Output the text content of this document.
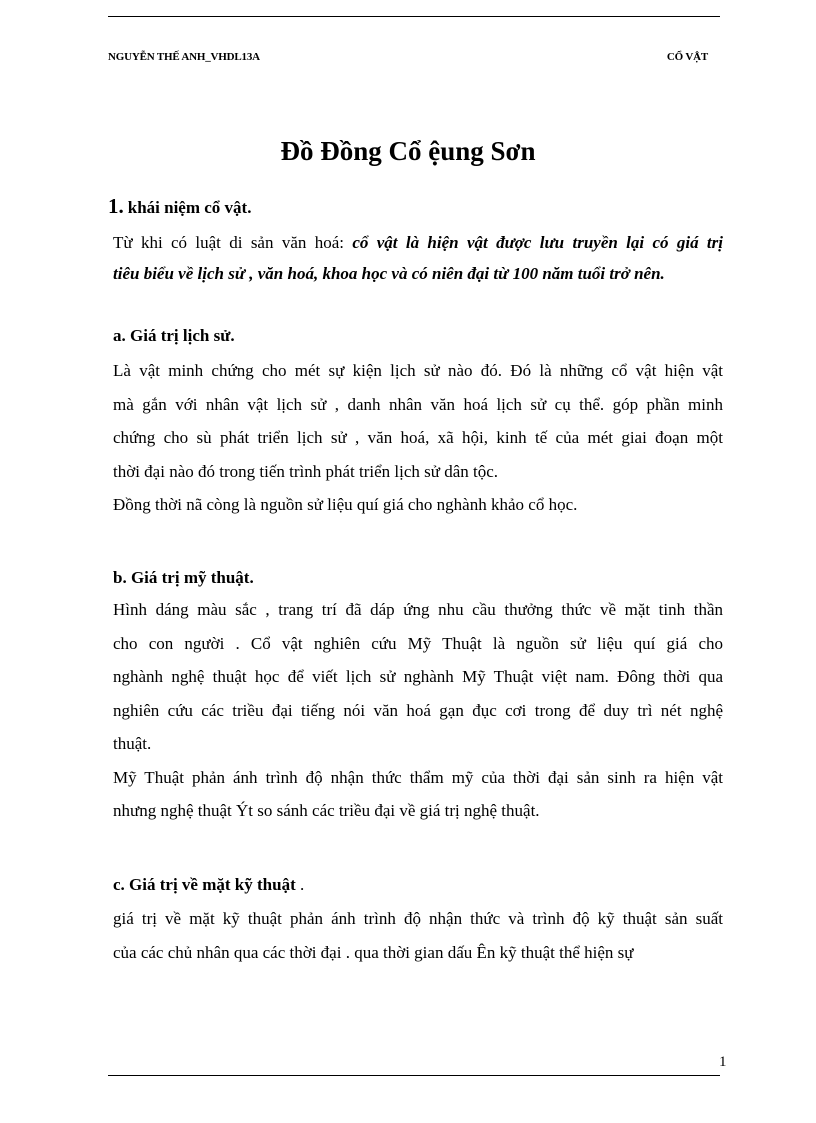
NGUYỄN THẾ ANH_VHDL13A	CỔ VẬT
Đồ Đồng Cổ ệung Sơn
1. khái niệm cổ vật.
Từ khi có luật di sản văn hoá: cổ vật là hiện vật được lưu truyền lại có giá trị
tiêu biểu về lịch sử , văn hoá, khoa học và có niên đại từ 100 năm tuổi trở nên.
a. Giá trị lịch sử.
Là vật minh chứng cho mét sự kiện lịch sử nào đó. Đó là những cổ vật hiện vật
mà gắn với nhân vật lịch sử , danh nhân văn hoá lịch sử cụ thể. góp phần minh
chứng cho sù phát triển lịch sử , văn hoá, xã hội, kinh tế của mét giai đoạn một
thời đại nào đó trong tiến trình phát triển lịch sử dân tộc.
Đồng thời nã còng là nguồn sử liệu quí giá cho nghành khảo cổ học.
b. Giá trị mỹ thuật.
Hình dáng màu sắc , trang trí đã dáp ứng nhu cầu thưởng thức về mặt tinh thần
cho con người . Cổ vật nghiên cứu Mỹ Thuật là nguồn sử liệu quí giá cho
nghành nghệ thuật học để viết lịch sử nghành Mỹ Thuật việt nam. Đông thời qua
nghiên cứu các triều đại tiếng nói văn hoá gạn đục cơi trong để duy trì nét nghệ
thuật.
Mỹ Thuật phản ánh trình độ nhận thức thẩm mỹ của thời đại sản sinh ra hiện vật
nhưng nghệ thuật Ýt so sánh các triều đại về giá trị nghệ thuật.
c. Giá trị về mặt kỹ thuật .
giá trị về mặt kỹ thuật phản ánh trình độ nhận thức và trình độ kỹ thuật sản suất
của các chủ nhân qua các thời đại . qua thời gian dấu Ên kỹ thuật thể hiện sự
1
